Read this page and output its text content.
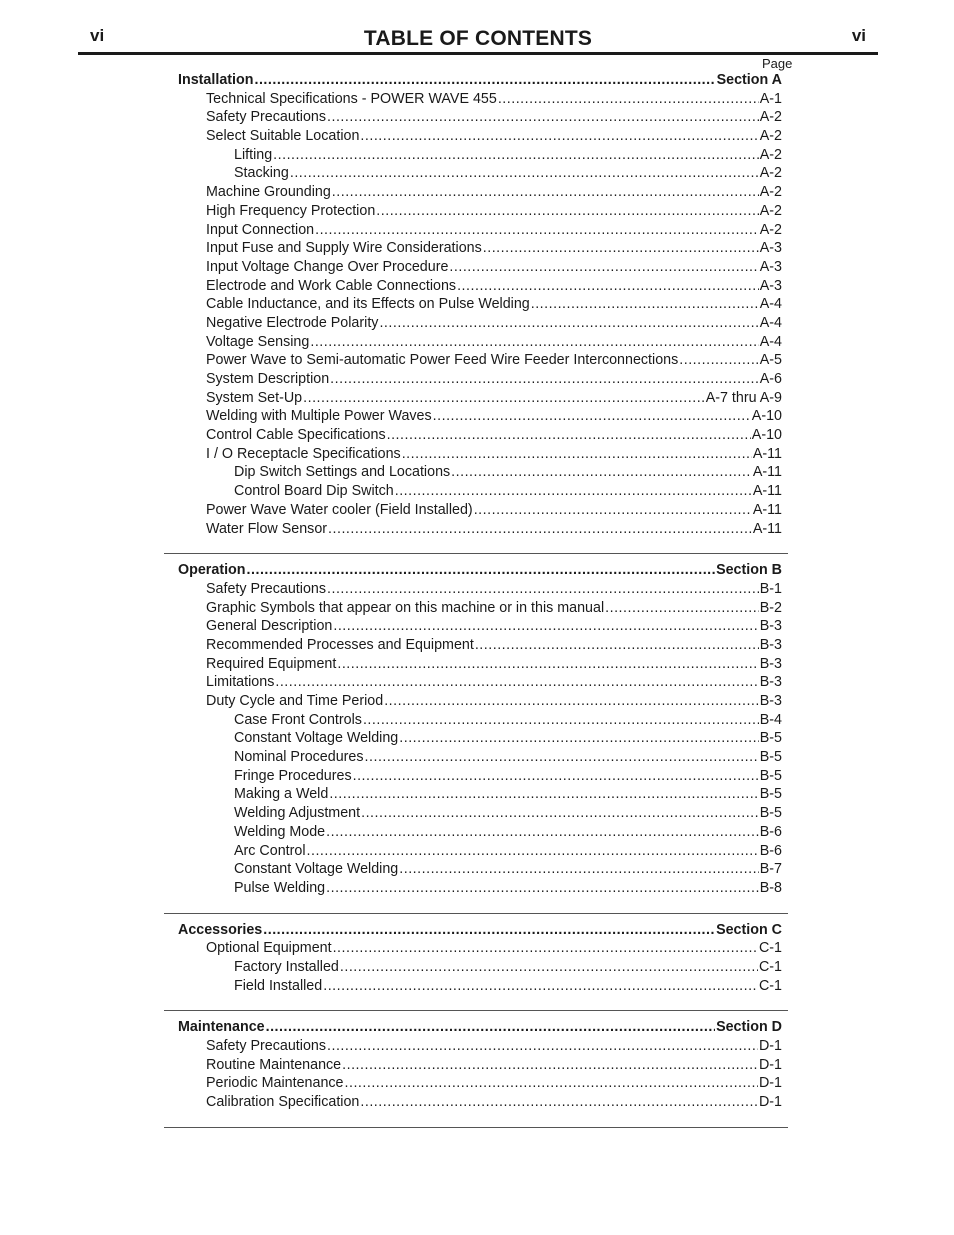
vi	TABLE OF CONTENTS	vi
Page
Installation .....	Section A
Technical Specifications - POWER WAVE 455 .....	A-1
Safety Precautions .....	A-2
Select Suitable Location .....	A-2
Lifting .....	A-2
Stacking .....	A-2
Machine Grounding .....	A-2
High Frequency Protection .....	A-2
Input Connection .....	A-2
Input Fuse and Supply Wire Considerations .....	A-3
Input Voltage Change Over Procedure .....	A-3
Electrode and Work Cable Connections .....	A-3
Cable Inductance, and its Effects on Pulse Welding .....	A-4
Negative Electrode Polarity .....	A-4
Voltage Sensing .....	A-4
Power Wave to Semi-automatic Power Feed Wire Feeder Interconnections .....	A-5
System Description .....	A-6
System Set-Up .....	A-7 thru A-9
Welding with Multiple Power Waves .....	A-10
Control Cable Specifications .....	A-10
I / O Receptacle Specifications .....	A-11
Dip Switch Settings and Locations .....	A-11
Control Board Dip Switch .....	A-11
Power Wave Water cooler (Field Installed) .....	A-11
Water Flow Sensor .....	A-11
Operation .....	Section B
Safety Precautions .....	B-1
Graphic Symbols that appear on this machine or in this manual .....	B-2
General Description .....	B-3
Recommended Processes and Equipment .....	B-3
Required Equipment .....	B-3
Limitations .....	B-3
Duty Cycle and Time Period .....	B-3
Case Front Controls .....	B-4
Constant Voltage Welding .....	B-5
Nominal Procedures .....	B-5
Fringe Procedures .....	B-5
Making a Weld .....	B-5
Welding Adjustment .....	B-5
Welding Mode .....	B-6
Arc Control .....	B-6
Constant Voltage Welding .....	B-7
Pulse Welding .....	B-8
Accessories .....	Section C
Optional Equipment .....	C-1
Factory Installed .....	C-1
Field Installed .....	C-1
Maintenance .....	Section D
Safety Precautions .....	D-1
Routine Maintenance .....	D-1
Periodic Maintenance .....	D-1
Calibration Specification .....	D-1
